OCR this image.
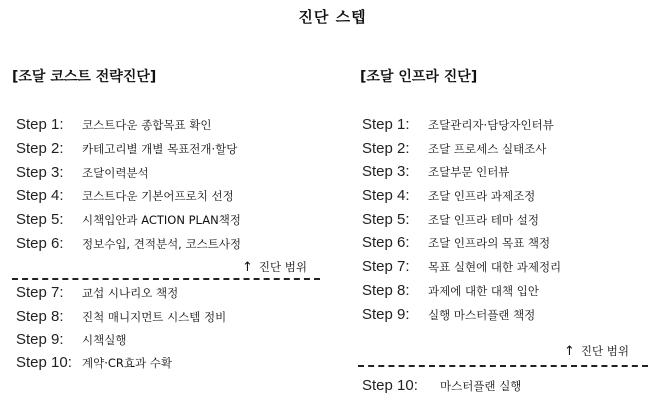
진단 스텝
[조달 코스트 전략진단]
Step 1:	코스트다운 종합목표 확인
Step 2:	카테고리별 개별 목표전개·할당
Step 3:	조달이력분석
Step 4:	코스트다운 기본어프로치 선정
Step 5:	시책입안과 ACTION PLAN책정
Step 6:	정보수입, 견적분석, 코스트사정
↑ 진단 범위
Step 7:	교섭 시나리오 책정
Step 8:	진척 매니지먼트 시스템 정비
Step 9:	시책실행
Step 10: 계약·CR효과 수확
[조달 인프라 진단]
Step 1:	조달관리자·담당자인터뷰
Step 2:	조달 프로세스 실태조사
Step 3:	조달부문 인터뷰
Step 4:	조달 인프라 과제조정
Step 5:	조달 인프라 테마 설정
Step 6:	조달 인프라의 목표 책정
Step 7:	목표 실현에 대한 과제정리
Step 8:	과제에 대한 대책 입안
Step 9:	실행 마스터플랜 책정
↑ 진단 범위
Step 10:	마스터플랜 실행
